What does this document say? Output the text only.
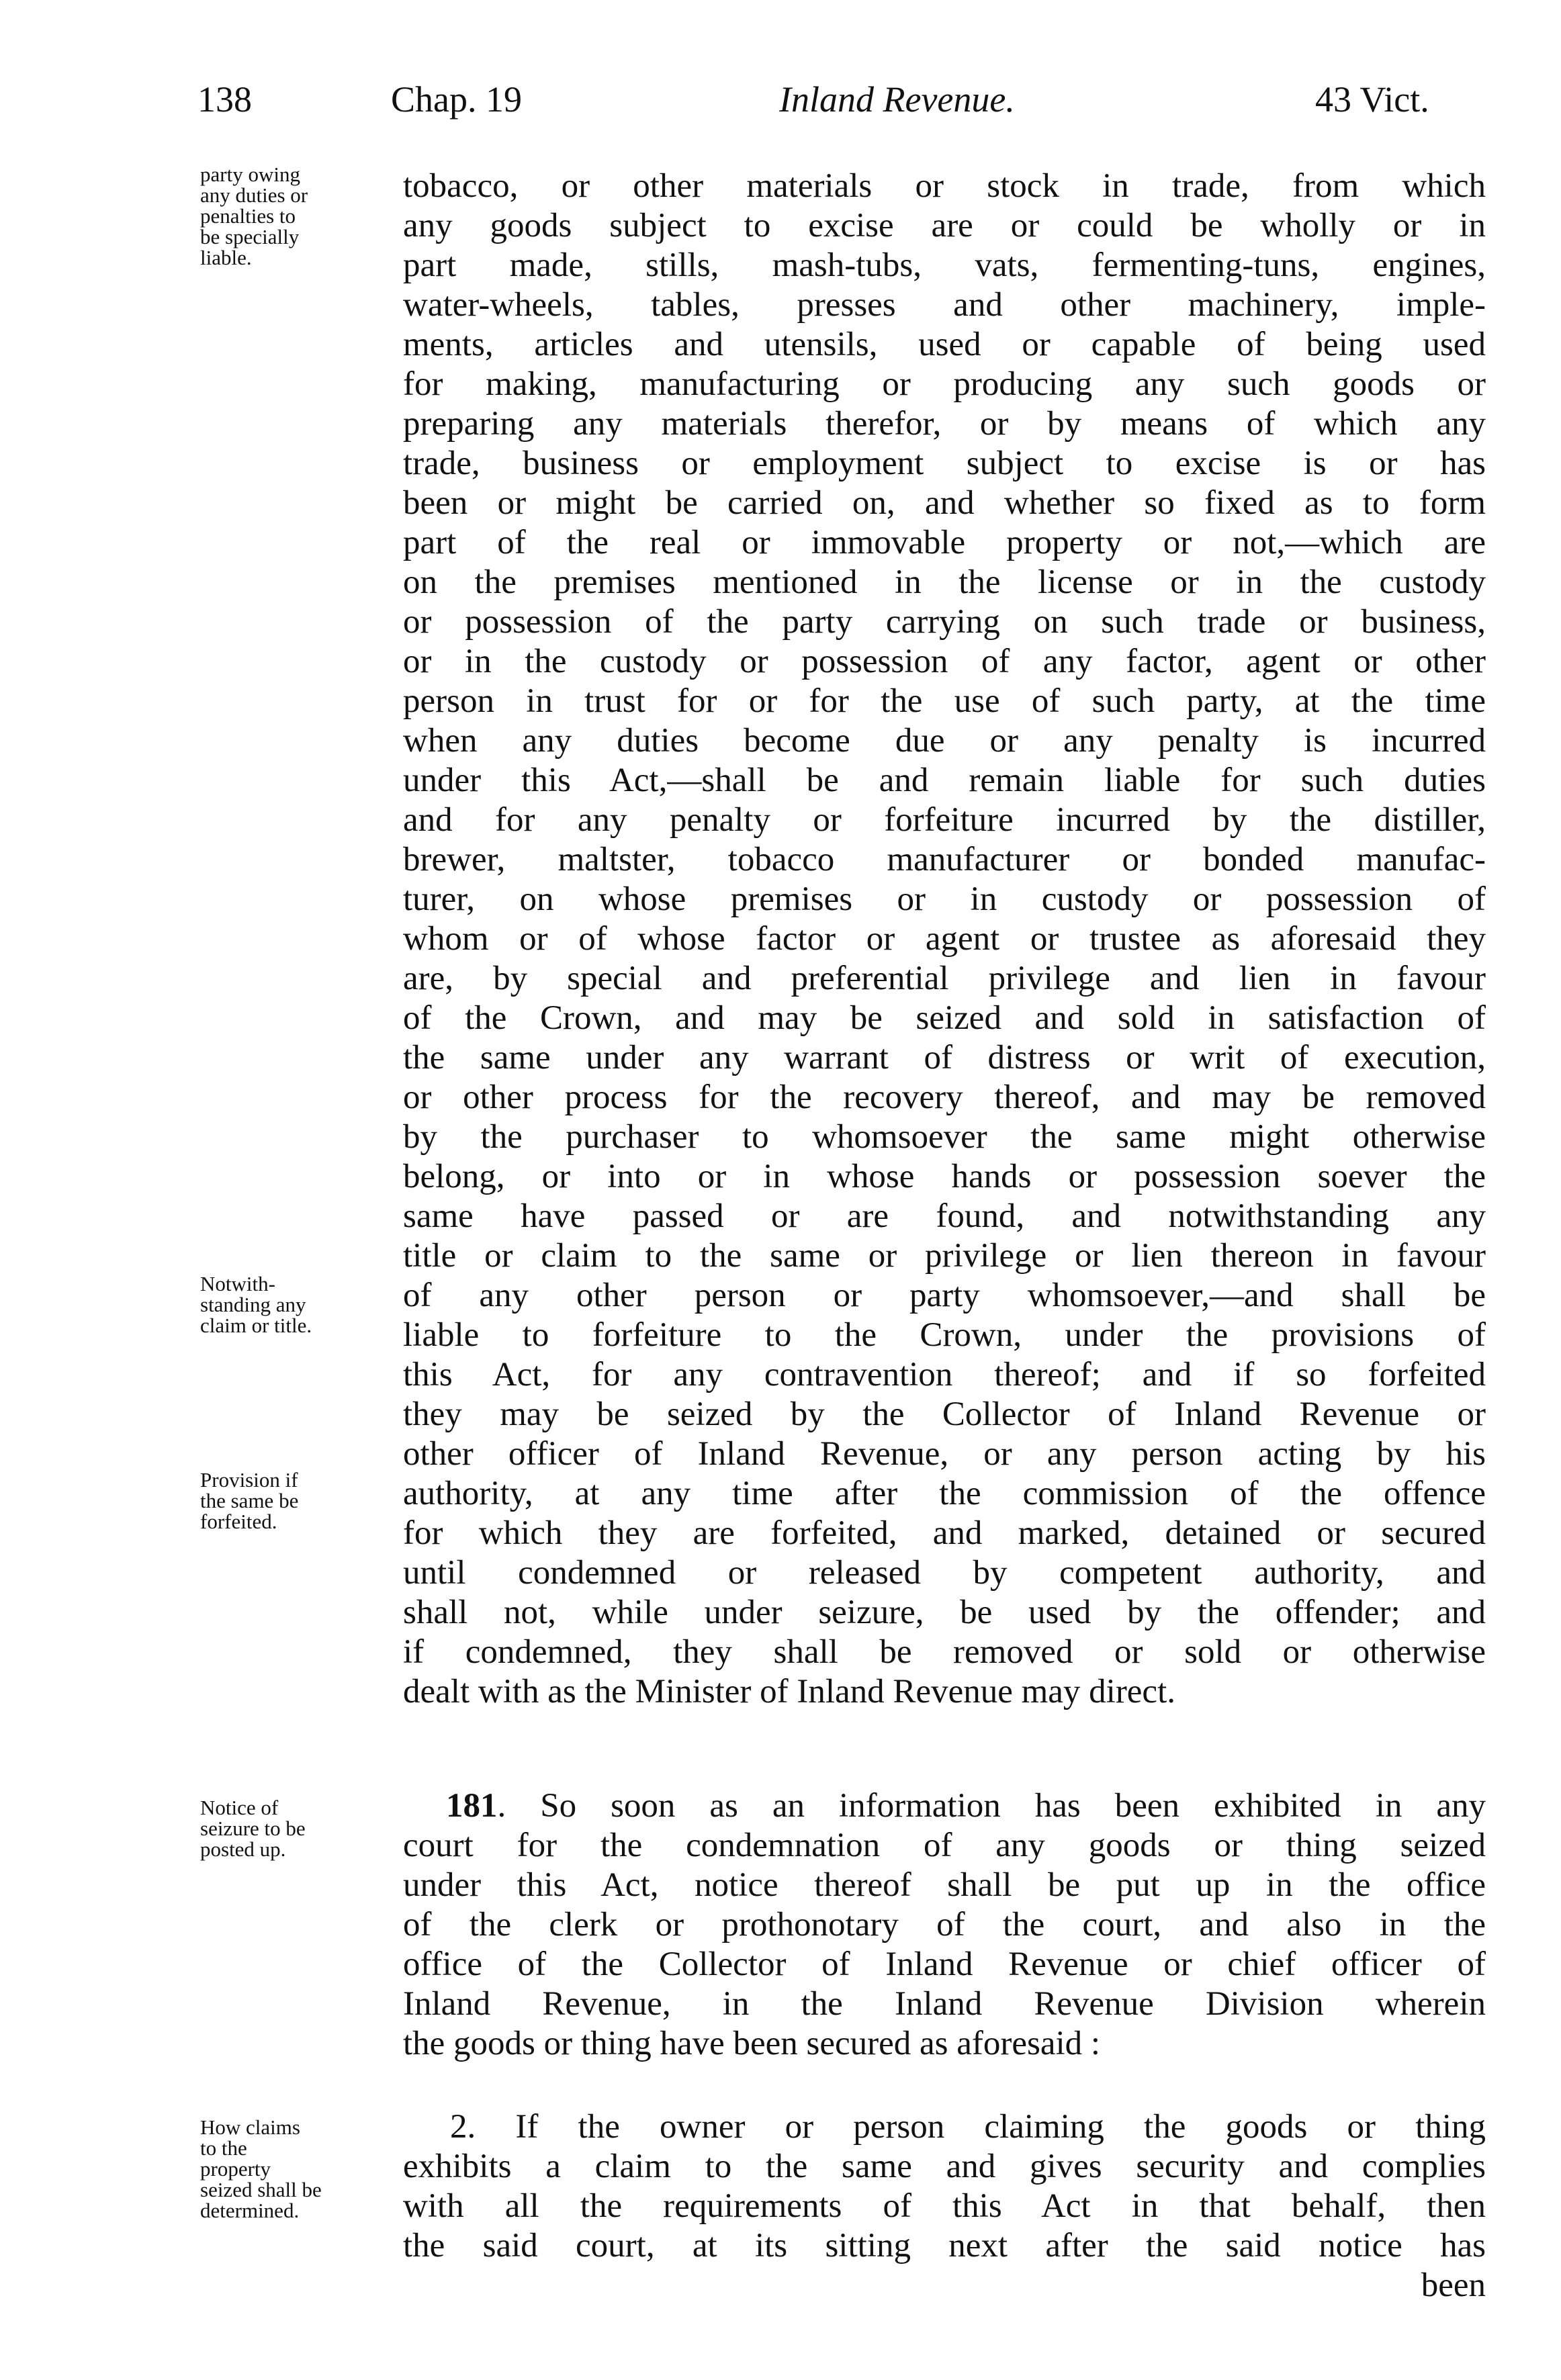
138	Chap. 19	Inland Revenue.	43 Vict.
party owing
any duties or
penalties to
be specially
liable.
Notwith-
standing any
claim or title.
Provision if
the same be
forfeited.
Notice of
seizure to be
posted up.
How claims
to the
property
seized shall be
determined.
tobacco, or other materials or stock in trade, from which
any goods subject to excise are or could be wholly or in
part made, stills, mash-tubs, vats, fermenting-tuns, engines,
water-wheels, tables, presses and other machinery, imple-
ments, articles and utensils, used or capable of being used
for making, manufacturing or producing any such goods or
preparing any materials therefor, or by means of which any
trade, business or employment subject to excise is or has
been or might be carried on, and whether so fixed as to form
part of the real or immovable property or not,—which are
on the premises mentioned in the license or in the custody
or possession of the party carrying on such trade or business,
or in the custody or possession of any factor, agent or other
person in trust for or for the use of such party, at the time
when any duties become due or any penalty is incurred
under this Act,—shall be and remain liable for such duties
and for any penalty or forfeiture incurred by the distiller,
brewer, maltster, tobacco manufacturer or bonded manufac-
turer, on whose premises or in custody or possession of
whom or of whose factor or agent or trustee as aforesaid they
are, by special and preferential privilege and lien in favour
of the Crown, and may be seized and sold in satisfaction of
the same under any warrant of distress or writ of execution,
or other process for the recovery thereof, and may be removed
by the purchaser to whomsoever the same might otherwise
belong, or into or in whose hands or possession soever the
same have passed or are found, and notwithstanding any
title or claim to the same or privilege or lien thereon in favour
of any other person or party whomsoever,—and shall be
liable to forfeiture to the Crown, under the provisions of
this Act, for any contravention thereof; and if so forfeited
they may be seized by the Collector of Inland Revenue or
other officer of Inland Revenue, or any person acting by his
authority, at any time after the commission of the offence
for which they are forfeited, and marked, detained or secured
until condemned or released by competent authority, and
shall not, while under seizure, be used by the offender; and
if condemned, they shall be removed or sold or otherwise
dealt with as the Minister of Inland Revenue may direct.
181. So soon as an information has been exhibited in any
court for the condemnation of any goods or thing seized
under this Act, notice thereof shall be put up in the office
of the clerk or prothonotary of the court, and also in the
office of the Collector of Inland Revenue or chief officer of
Inland Revenue, in the Inland Revenue Division wherein
the goods or thing have been secured as aforesaid :
2. If the owner or person claiming the goods or thing
exhibits a claim to the same and gives security and complies
with all the requirements of this Act in that behalf, then
the said court, at its sitting next after the said notice has
been
